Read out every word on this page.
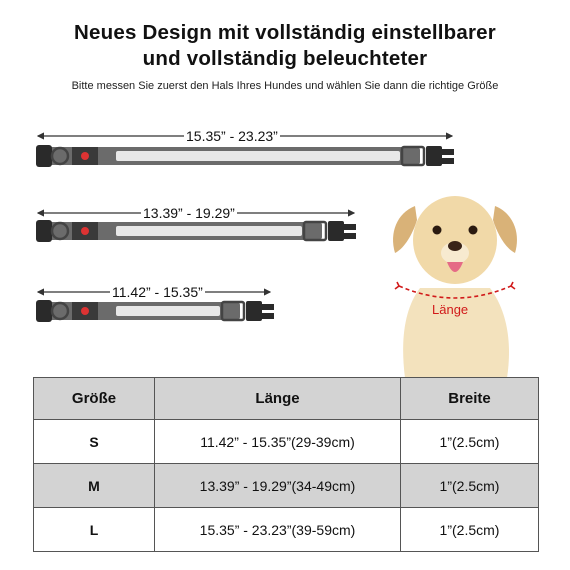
Neues Design mit vollständig einstellbarer
und vollständig beleuchteter
Bitte messen Sie zuerst den Hals Ihres Hundes und wählen Sie dann die richtige Größe
15.35” - 23.23”
13.39” - 19.29”
11.42” - 15.35”
Länge
Größe	Länge	Breite
S	11.42” - 15.35”(29-39cm)	1”(2.5cm)
M	13.39” - 19.29”(34-49cm)	1”(2.5cm)
L	15.35” - 23.23”(39-59cm)	1”(2.5cm)
